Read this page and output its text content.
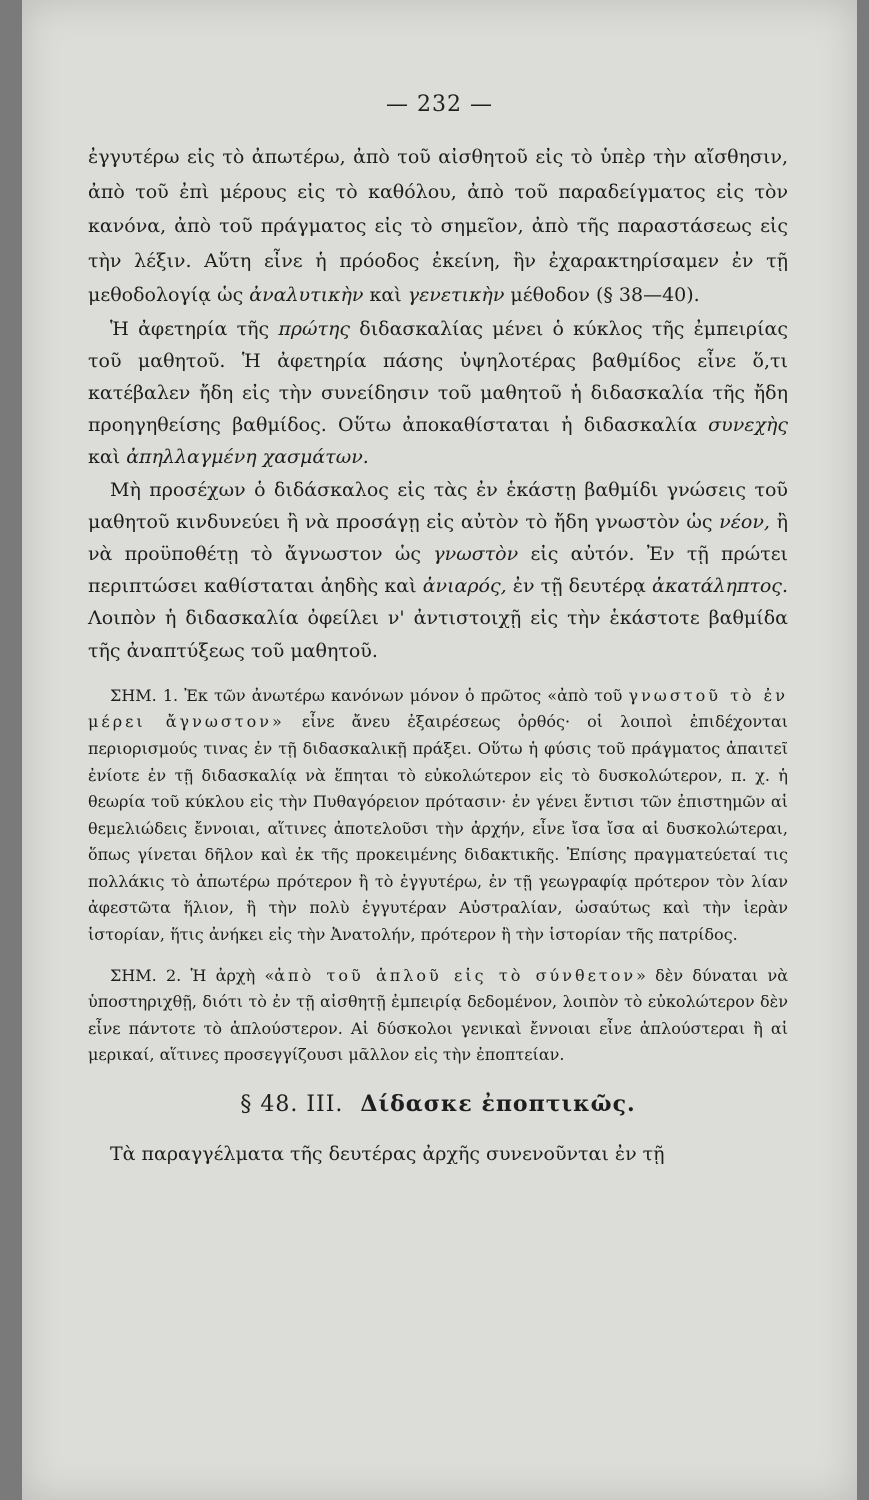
— 232 —

ἐγγυτέρω εἰς τὸ ἀπωτέρω, ἀπὸ τοῦ αἰσθητοῦ εἰς τὸ ὑπὲρ τὴν αἴσθησιν, ἀπὸ τοῦ ἐπὶ μέρους εἰς τὸ καθόλου, ἀπὸ τοῦ παραδείγματος εἰς τὸν κανόνα, ἀπὸ τοῦ πράγματος εἰς τὸ σημεῖον, ἀπὸ τῆς παραστάσεως εἰς τὴν λέξιν. Αὕτη εἶνε ἡ πρόοδος ἐκείνη, ἣν ἐχαρακτηρίσαμεν ἐν τῇ μεθοδολογίᾳ ὡς ἀναλυτικὴν καὶ γενετικὴν μέθοδον (§ 38—40).

Ἡ ἀφετηρία τῆς πρώτης διδασκαλίας μένει ὁ κύκλος τῆς ἐμπειρίας τοῦ μαθητοῦ. Ἡ ἀφετηρία πάσης ὑψηλοτέρας βαθμίδος εἶνε ὅ,τι κατέβαλεν ἤδη εἰς τὴν συνείδησιν τοῦ μαθητοῦ ἡ διδασκαλία τῆς ἤδη προηγηθείσης βαθμίδος. Οὕτω ἀποκαθίσταται ἡ διδασκαλία συνεχὴς καὶ ἀπηλλαγμένη χασμάτων.

Μὴ προσέχων ὁ διδάσκαλος εἰς τὰς ἐν ἑκάστῃ βαθμίδι γνώσεις τοῦ μαθητοῦ κινδυνεύει ἢ νὰ προσάγῃ εἰς αὐτὸν τὸ ἤδη γνωστὸν ὡς νέον, ἢ νὰ προϋποθέτῃ τὸ ἄγνωστον ὡς γνωστὸν εἰς αὐτόν. Ἐν τῇ πρώτει περιπτώσει καθίσταται ἀηδὴς καὶ ἀνιαρός, ἐν τῇ δευτέρᾳ ἀκατάληπτος. Λοιπὸν ἡ διδασκαλία ὀφείλει ν' ἀντιστοιχῇ εἰς τὴν ἑκάστοτε βαθμίδα τῆς ἀναπτύξεως τοῦ μαθητοῦ.

ΣΗΜ. 1. Ἐκ τῶν ἀνωτέρω κανόνων μόνον ὁ πρῶτος «ἀπὸ τοῦ γνωστοῦ τὸ ἐν μέρει ἄγνωστον» εἶνε ἄνευ ἐξαιρέσεως ὀρθός· οἱ λοιποὶ ἐπιδέχονται περιορισμούς τινας ἐν τῇ διδασκαλικῇ πράξει. Οὕτω ἡ φύσις τοῦ πράγματος ἀπαιτεῖ ἐνίοτε ἐν τῇ διδασκαλίᾳ νὰ ἕπηται τὸ εὐκολώτερον εἰς τὸ δυσκολώτερον, π. χ. ἡ θεωρία τοῦ κύκλου εἰς τὴν Πυθαγόρειον πρότασιν· ἐν γένει ἔντισι τῶν ἐπιστημῶν αἱ θεμελιώδεις ἔννοιαι, αἵτινες ἀποτελοῦσι τὴν ἀρχήν, εἶνε ἴσα ἴσα αἱ δυσκολώτεραι, ὅπως γίνεται δῆλον καὶ ἐκ τῆς προκειμένης διδακτικῆς. Ἐπίσης πραγματεύεταί τις πολλάκις τὸ ἀπωτέρω πρότερον ἢ τὸ ἐγγυτέρω, ἐν τῇ γεωγραφίᾳ πρότερον τὸν λίαν ἀφεστῶτα ἥλιον, ἢ τὴν πολὺ ἐγγυτέραν Αὐστραλίαν, ὡσαύτως καὶ τὴν ἱερὰν ἱστορίαν, ἥτις ἀνήκει εἰς τὴν Ἀνατολήν, πρότερον ἢ τὴν ἱστορίαν τῆς πατρίδος.

ΣΗΜ. 2. Ἡ ἀρχὴ «ἀπὸ τοῦ ἁπλοῦ εἰς τὸ σύνθετον» δὲν δύναται νὰ ὑποστηριχθῇ, διότι τὸ ἐν τῇ αἰσθητῇ ἐμπειρίᾳ δεδομένον, λοιπὸν τὸ εὐκολώτερον δὲν εἶνε πάντοτε τὸ ἁπλούστερον. Αἱ δύσκολοι γενικαὶ ἔννοιαι εἶνε ἁπλούστεραι ἢ αἱ μερικαί, αἵτινες προσεγγίζουσι μᾶλλον εἰς τὴν ἐποπτείαν.

§ 48. III. Δίδασκε ἐποπτικῶς.

Τὰ παραγγέλματα τῆς δευτέρας ἀρχῆς συνενοῦνται ἐν τῇ
